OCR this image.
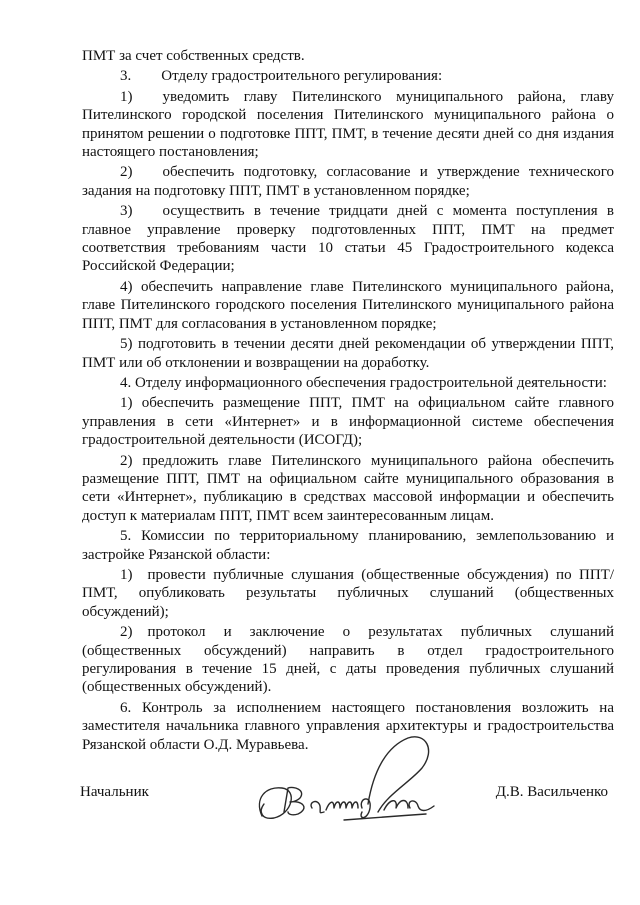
ПМТ за счет собственных средств.

3.  Отделу градостроительного регулирования:

1)  уведомить главу Пителинского муниципального района, главу Пителинского городской поселения Пителинского муниципального района о принятом решении о подготовке ППТ, ПМТ, в течение десяти дней со дня издания настоящего постановления;

2)  обеспечить подготовку, согласование и утверждение технического задания на подготовку ППТ, ПМТ в установленном порядке;

3)  осуществить в течение тридцати дней с момента поступления в главное управление проверку подготовленных ППТ, ПМТ на предмет соответствия требованиям части 10 статьи 45 Градостроительного кодекса Российской Федерации;

4) обеспечить направление главе Пителинского муниципального района, главе Пителинского городского поселения Пителинского муниципального района ППТ, ПМТ для согласования в установленном порядке;

5) подготовить в течении десяти дней рекомендации об утверждении ППТ, ПМТ или об отклонении и возвращении на доработку.

4. Отделу информационного обеспечения градостроительной деятельности:

1) обеспечить размещение ППТ, ПМТ на официальном сайте главного управления в сети «Интернет» и в информационной системе обеспечения градостроительной деятельности (ИСОГД);

2) предложить главе Пителинского муниципального района обеспечить размещение ППТ, ПМТ на официальном сайте муниципального образования в сети «Интернет», публикацию в средствах массовой информации и обеспечить доступ к материалам ППТ, ПМТ всем заинтересованным лицам.

5. Комиссии по территориальному планированию, землепользованию и застройке Рязанской области:

1) провести публичные слушания (общественные обсуждения) по ППТ/ПМТ, опубликовать результаты публичных слушаний (общественных обсуждений);

2) протокол и заключение о результатах публичных слушаний (общественных обсуждений) направить в отдел градостроительного регулирования в течение 15 дней, с даты проведения публичных слушаний (общественных обсуждений).

6. Контроль за исполнением настоящего постановления возложить на заместителя начальника главного управления архитектуры и градостроительства Рязанской области О.Д. Муравьева.

Начальник	Д.В. Васильченко
